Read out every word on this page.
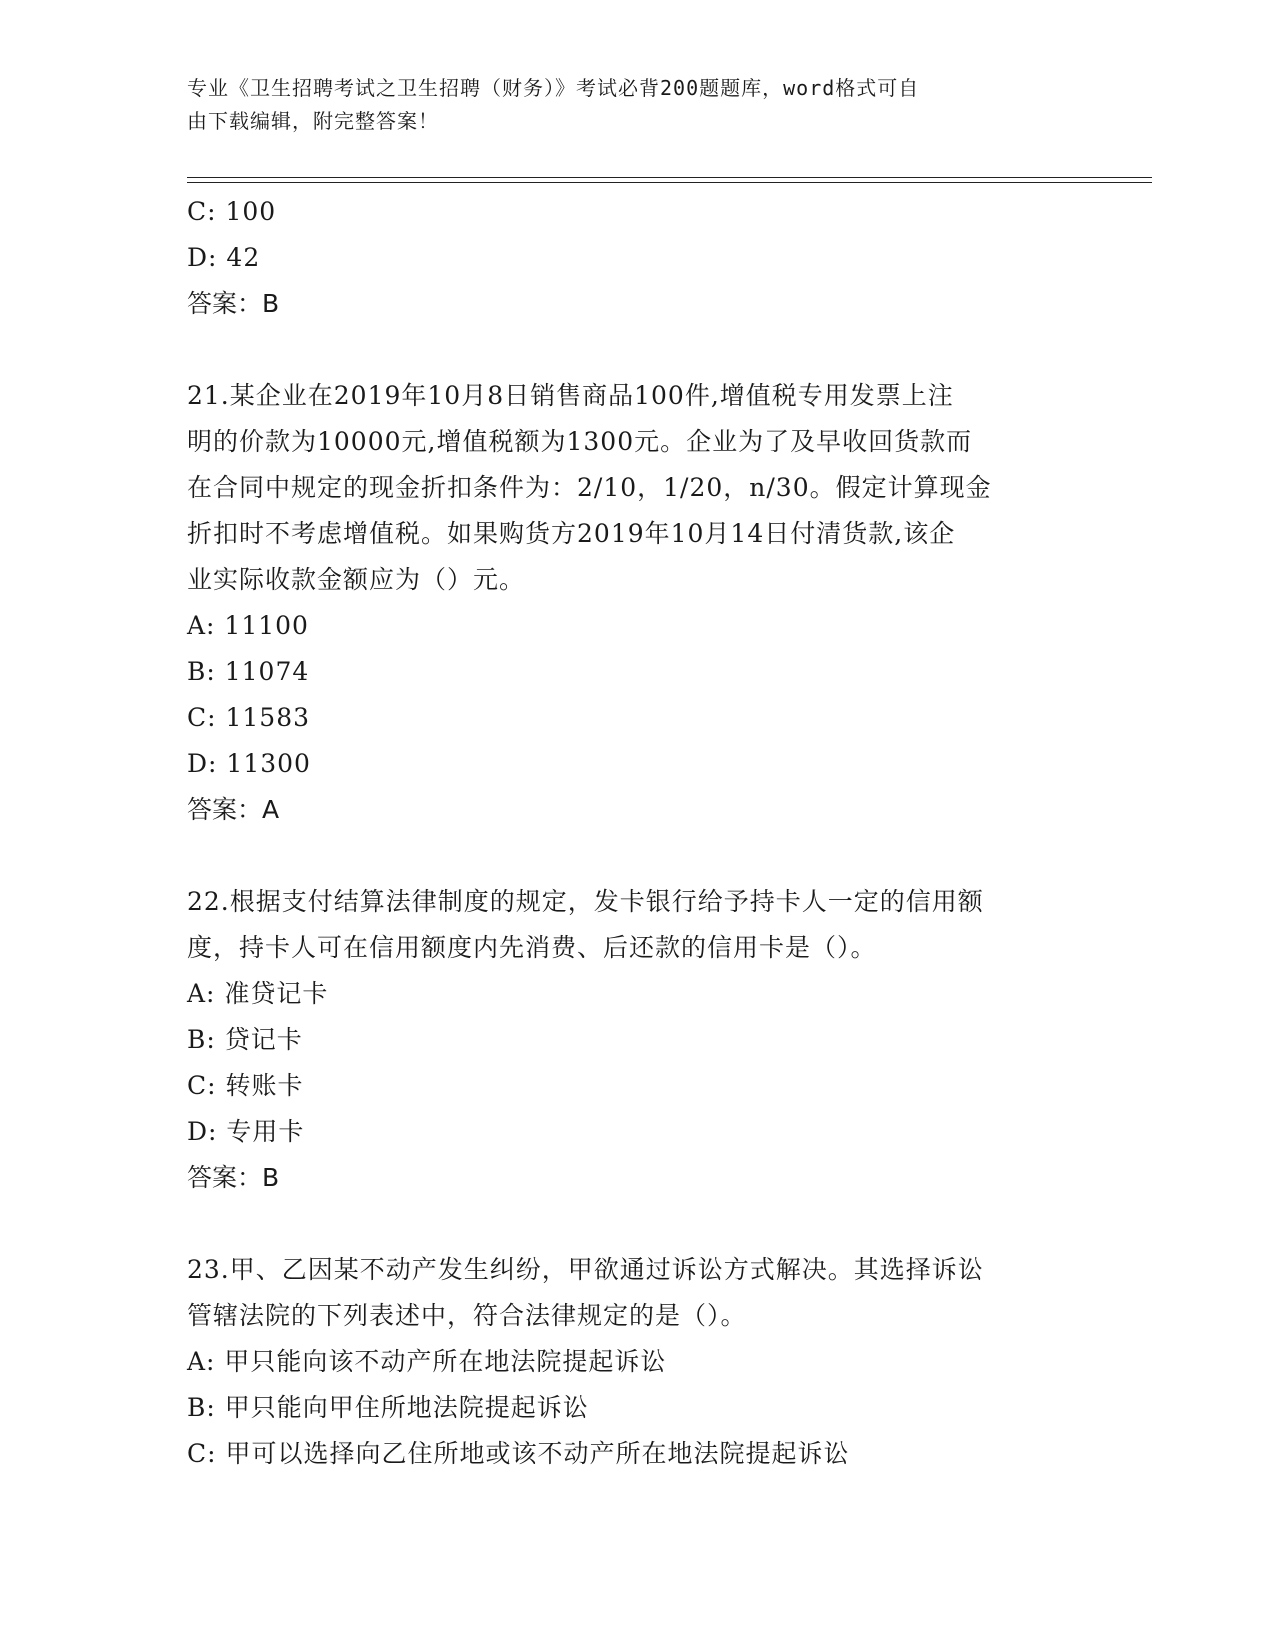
专业《卫生招聘考试之卫生招聘（财务）》考试必背200题题库，word格式可自
由下载编辑，附完整答案！
C: 100
D: 42
答案：B
21.某企业在2019年10月8日销售商品100件,增值税专用发票上注
明的价款为10000元,增值税额为1300元。企业为了及早收回货款而
在合同中规定的现金折扣条件为：2/10，1/20，n/30。假定计算现金
折扣时不考虑增值税。如果购货方2019年10月14日付清货款,该企
业实际收款金额应为（）元。
A: 11100
B: 11074
C: 11583
D: 11300
答案：A
22.根据支付结算法律制度的规定，发卡银行给予持卡人一定的信用额
度，持卡人可在信用额度内先消费、后还款的信用卡是（）。
A: 准贷记卡
B: 贷记卡
C: 转账卡
D: 专用卡
答案：B
23.甲、乙因某不动产发生纠纷，甲欲通过诉讼方式解决。其选择诉讼
管辖法院的下列表述中，符合法律规定的是（）。
A: 甲只能向该不动产所在地法院提起诉讼
B: 甲只能向甲住所地法院提起诉讼
C: 甲可以选择向乙住所地或该不动产所在地法院提起诉讼
